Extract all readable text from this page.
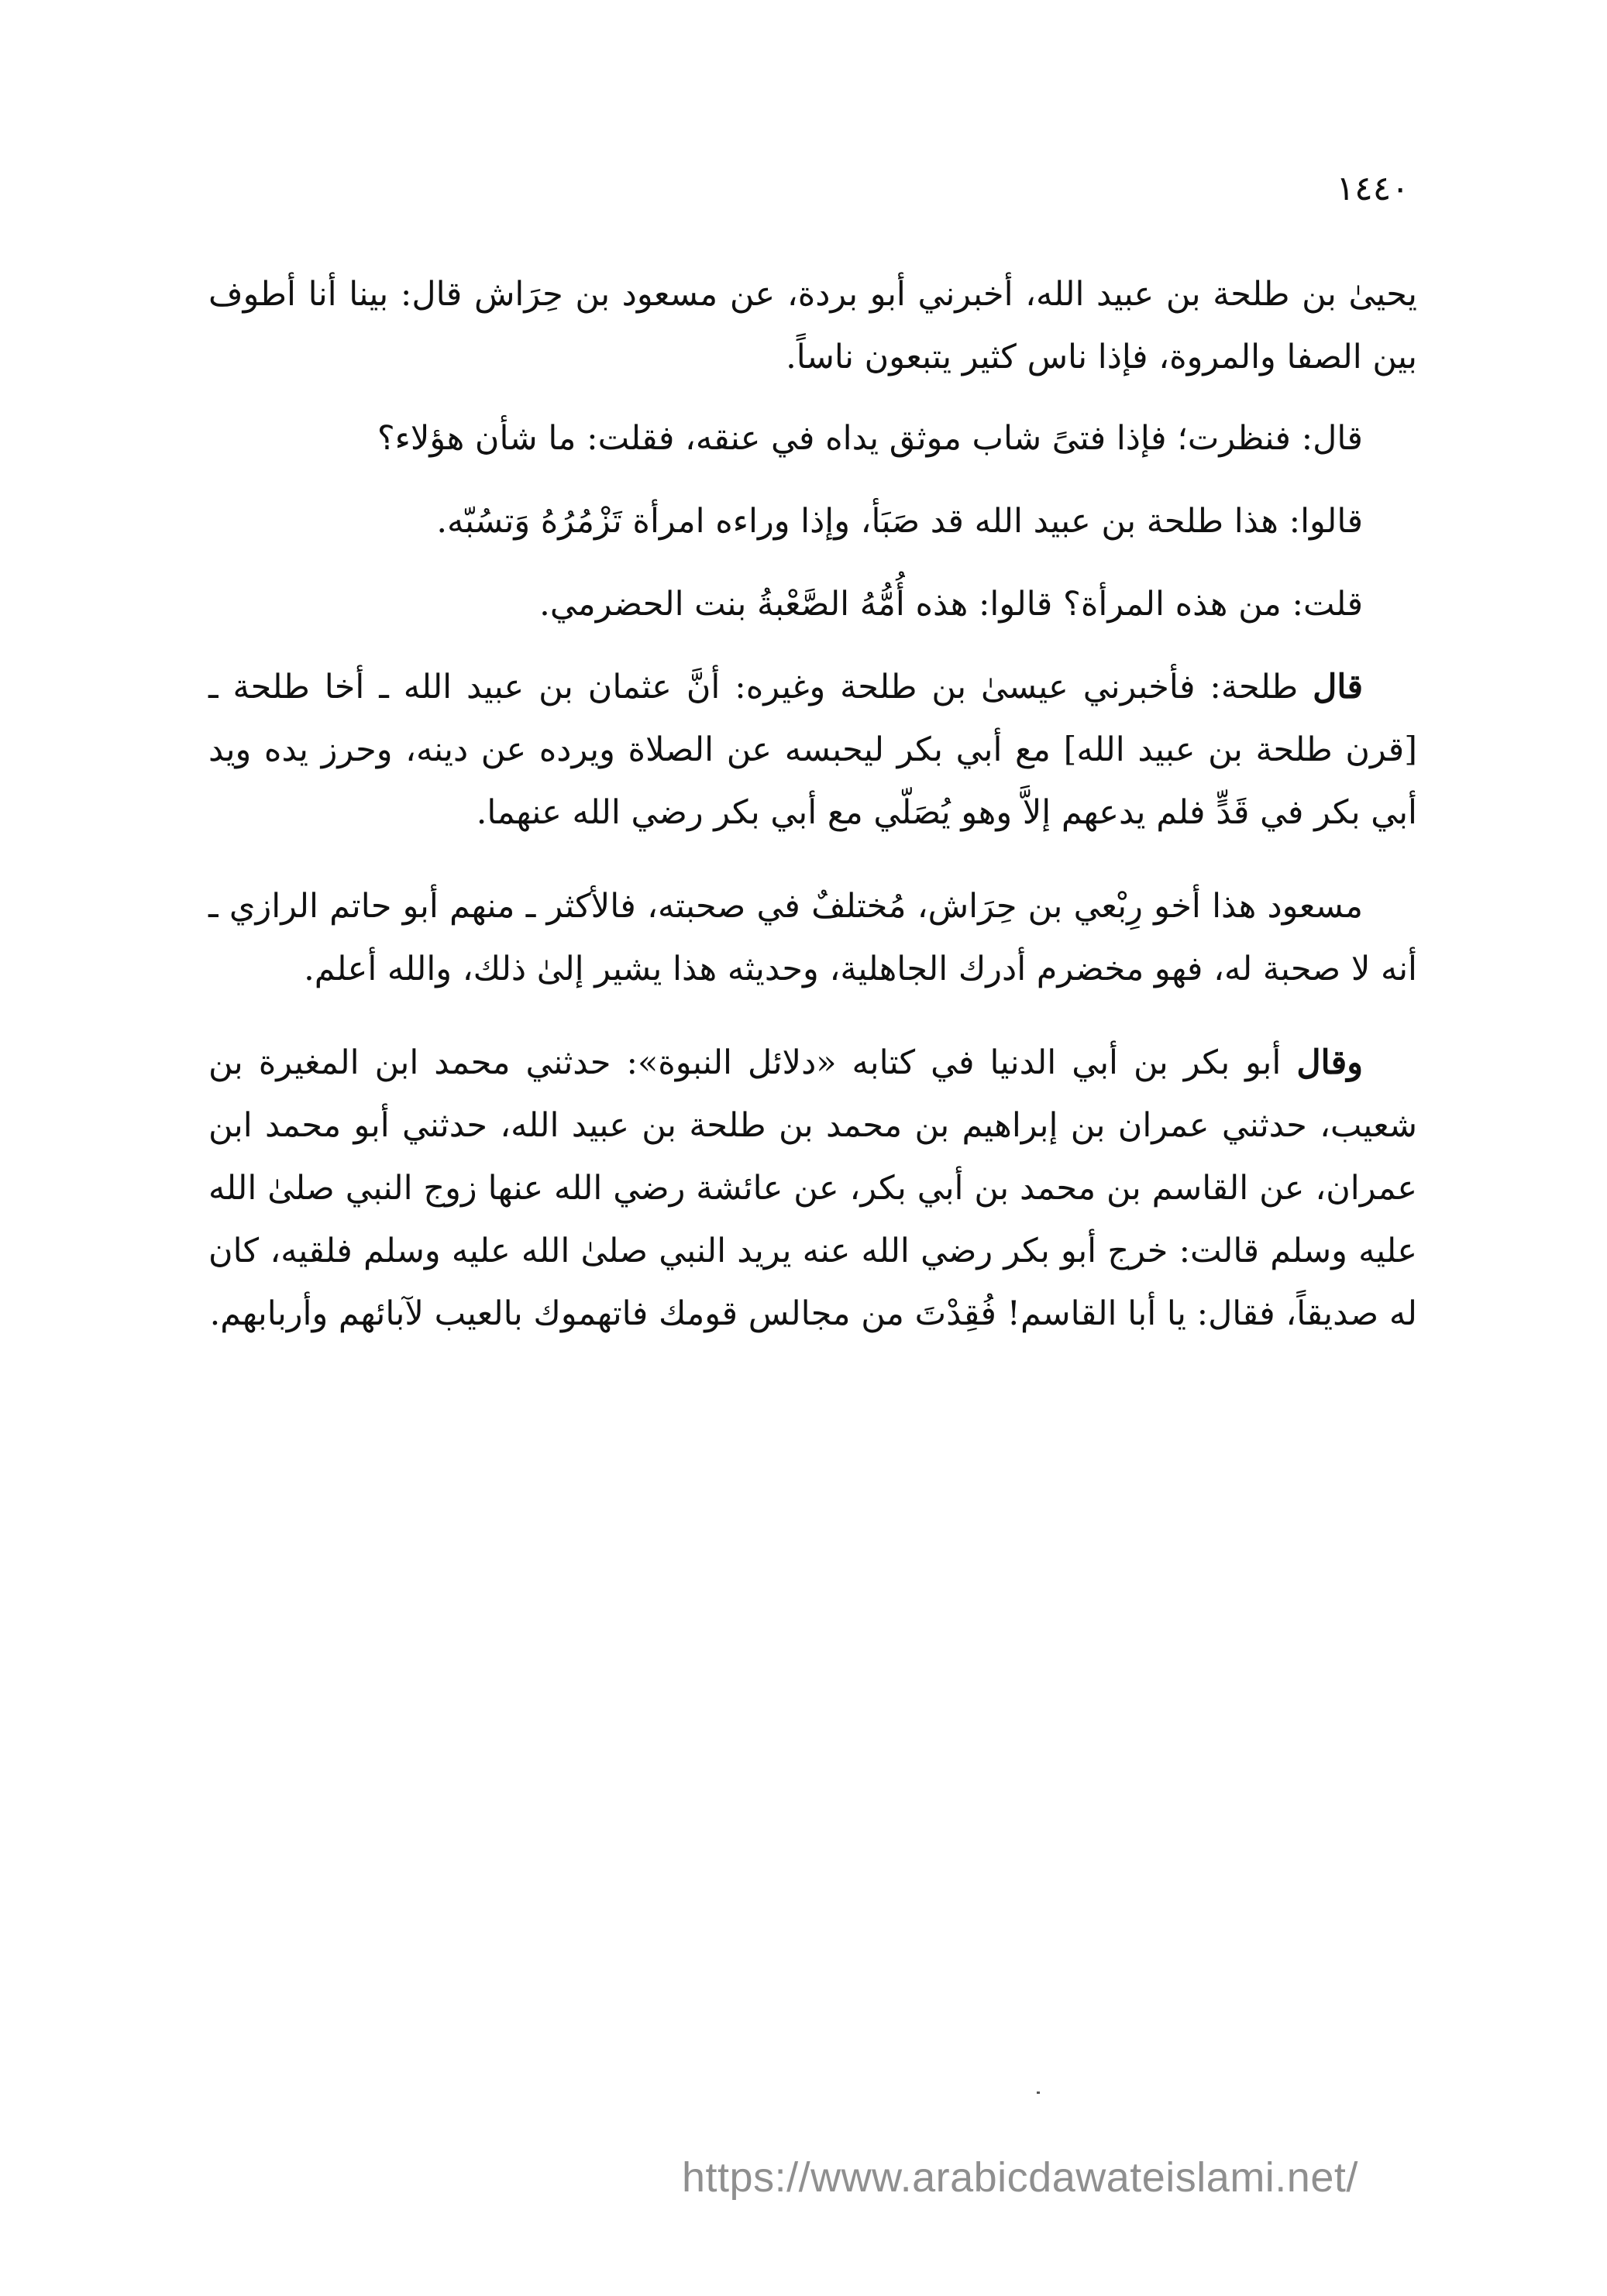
١٤٤٠

يحيىٰ بن طلحة بن عبيد الله، أخبرني أبو بردة، عن مسعود بن حِرَاش قال: بينا أنا أطوف بين الصفا والمروة، فإذا ناس كثير يتبعون ناساً.

قال: فنظرت؛ فإذا فتىً شاب موثق يداه في عنقه، فقلت: ما شأن هؤلاء؟

قالوا: هذا طلحة بن عبيد الله قد صَبَأ، وإذا وراءه امرأة تَزْمُرُهُ وَتسُبّه.

قلت: من هذه المرأة؟ قالوا: هذه أُمُّهُ الصَّعْبةُ بنت الحضرمي.

قال طلحة: فأخبرني عيسىٰ بن طلحة وغيره: أنَّ عثمان بن عبيد الله ـ أخا طلحة ـ [قرن طلحة بن عبيد الله] مع أبي بكر ليحبسه عن الصلاة ويرده عن دينه، وحرز يده ويد أبي بكر في قَدٍّ فلم يدعهم إلاَّ وهو يُصَلّي مع أبي بكر رضي الله عنهما.

مسعود هذا أخو رِبْعي بن حِرَاش، مُختلفٌ في صحبته، فالأكثر ـ منهم أبو حاتم الرازي ـ أنه لا صحبة له، فهو مخضرم أدرك الجاهلية، وحديثه هذا يشير إلىٰ ذلك، والله أعلم.

وقال أبو بكر بن أبي الدنيا في كتابه «دلائل النبوة»: حدثني محمد ابن المغيرة بن شعيب، حدثني عمران بن إبراهيم بن محمد بن طلحة بن عبيد الله، حدثني أبو محمد ابن عمران، عن القاسم بن محمد بن أبي بكر، عن عائشة رضي الله عنها زوج النبي صلىٰ الله عليه وسلم قالت: خرج أبو بكر رضي الله عنه يريد النبي صلىٰ الله عليه وسلم فلقيه، كان له صديقاً، فقال: يا أبا القاسم! فُقِدْتَ من مجالس قومك فاتهموك بالعيب لآبائهم وأربابهم.

https://www.arabicdawateislami.net/
